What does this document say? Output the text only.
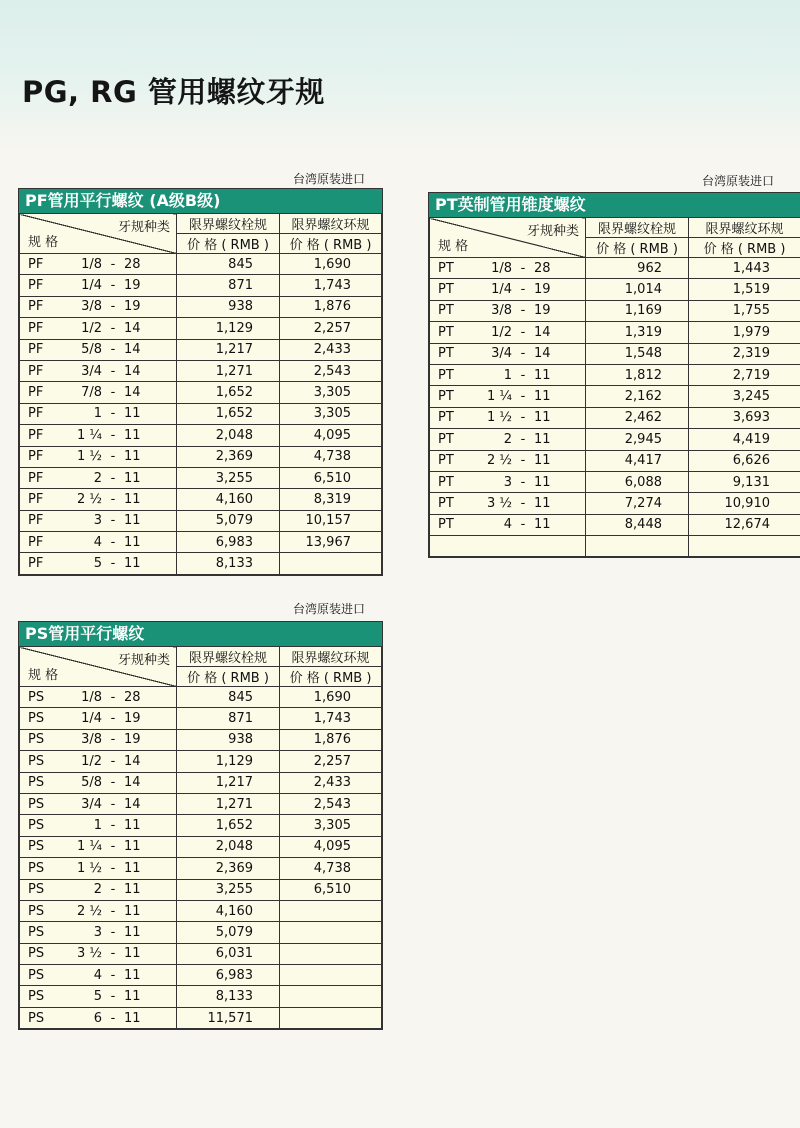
PG, RG 管用螺纹牙规
台湾原装进口
PF管用平行螺纹 (A级B级)
牙规种类
规 格	限界螺纹栓规	限界螺纹环规
	价 格 ( RMB )	价 格 ( RMB )

PF 1/8 - 28	845	1,690

PF 1/4 - 19	871	1,743

PF 3/8 - 19	938	1,876

PF 1/2 - 14	1,129	2,257

PF 5/8 - 14	1,217	2,433

PF 3/4 - 14	1,271	2,543

PF 7/8 - 14	1,652	3,305

PF 1 - 11	1,652	3,305

PF 1 ¼ - 11	2,048	4,095

PF 1 ½ - 11	2,369	4,738

PF 2 - 11	3,255	6,510

PF 2 ½ - 11	4,160	8,319

PF 3 - 11	5,079	10,157

PF 4 - 11	6,983	13,967

PF 5 - 11	8,133	
台湾原装进口
PT英制管用锥度螺纹
牙规种类
规 格	限界螺纹栓规	限界螺纹环规
	价 格 ( RMB )	价 格 ( RMB )

PT 1/8 - 28	962	1,443

PT 1/4 - 19	1,014	1,519

PT 3/8 - 19	1,169	1,755

PT 1/2 - 14	1,319	1,979

PT 3/4 - 14	1,548	2,319

PT 1 - 11	1,812	2,719

PT 1 ¼ - 11	2,162	3,245

PT 1 ½ - 11	2,462	3,693

PT 2 - 11	2,945	4,419

PT 2 ½ - 11	4,417	6,626

PT 3 - 11	6,088	9,131

PT 3 ½ - 11	7,274	10,910

PT 4 - 11	8,448	12,674

台湾原装进口
PS管用平行螺纹
牙规种类
规 格	限界螺纹栓规	限界螺纹环规
	价 格 ( RMB )	价 格 ( RMB )

PS 1/8 - 28	845	1,690

PS 1/4 - 19	871	1,743

PS 3/8 - 19	938	1,876

PS 1/2 - 14	1,129	2,257

PS 5/8 - 14	1,217	2,433

PS 3/4 - 14	1,271	2,543

PS 1 - 11	1,652	3,305

PS 1 ¼ - 11	2,048	4,095

PS 1 ½ - 11	2,369	4,738

PS 2 - 11	3,255	6,510

PS 2 ½ - 11	4,160	

PS 3 - 11	5,079	

PS 3 ½ - 11	6,031	

PS 4 - 11	6,983	

PS 5 - 11	8,133	

PS 6 - 11	11,571	
